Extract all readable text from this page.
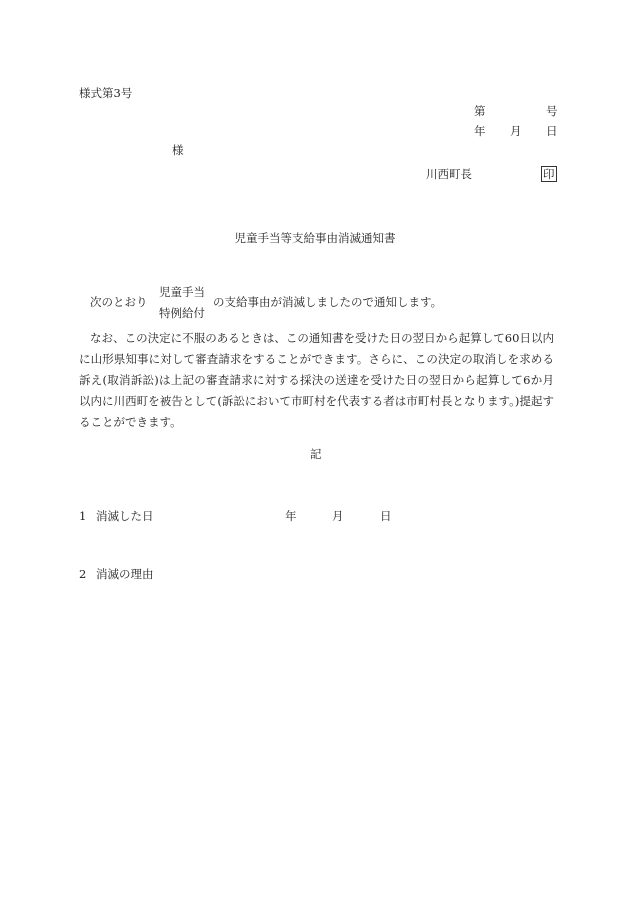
様式第3号
第	号
年 月 日
様
川西町長	印
児童手当等支給事由消滅通知書
次のとおり
児童手当
特例給付
の支給事由が消滅しましたので通知します。
なお、この決定に不服のあるときは、この通知書を受けた日の翌日から起算して60日以内に山形県知事に対して審査請求をすることができます。さらに、この決定の取消しを求める訴え(取消訴訟)は上記の審査請求に対する採決の送達を受けた日の翌日から起算して6か月以内に川西町を被告として(訴訟において市町村を代表する者は市町村長となります。)提起することができます。
記
1 消滅した日	年	月	日
2 消滅の理由
